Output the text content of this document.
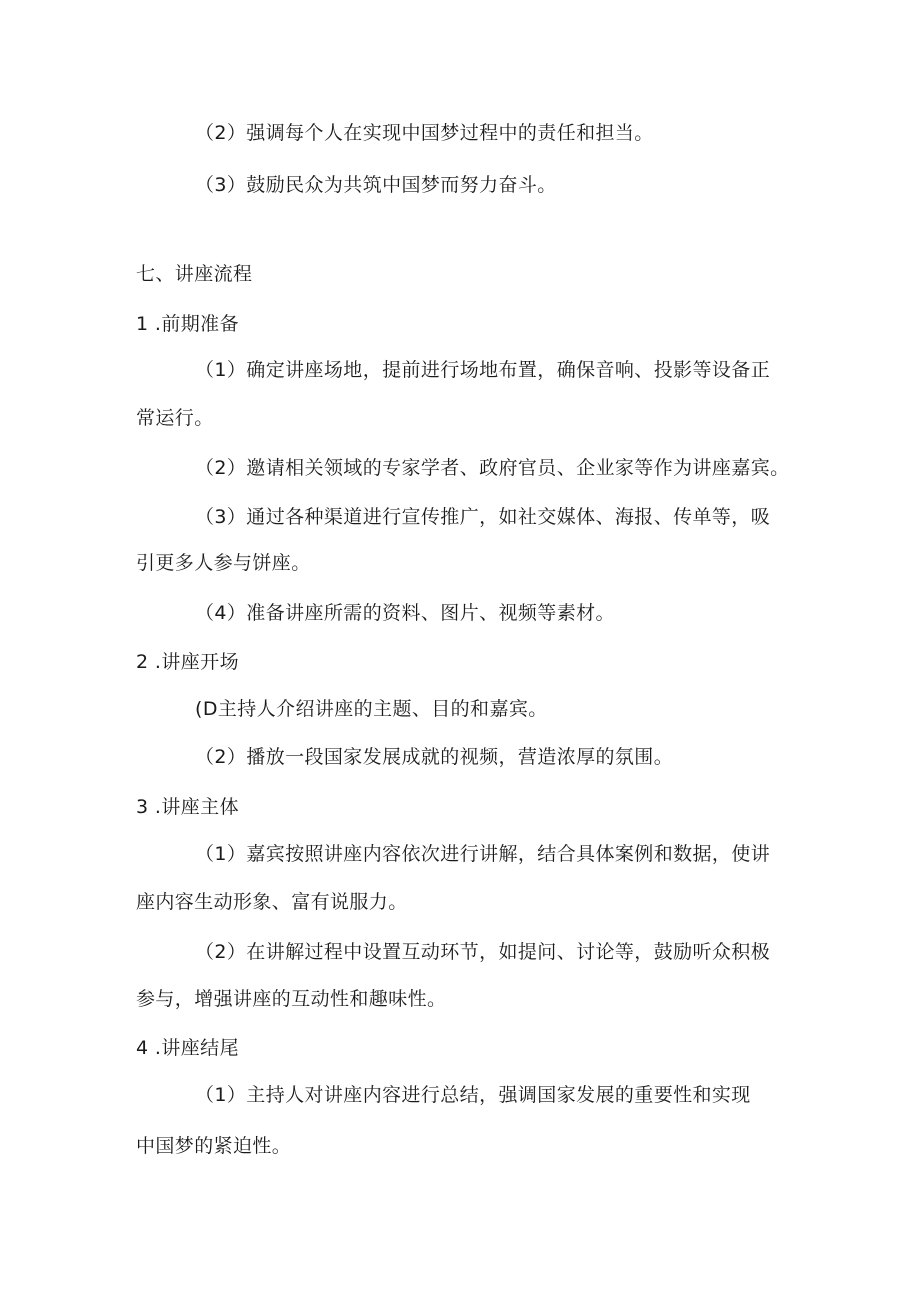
（2）强调每个人在实现中国梦过程中的责任和担当。
（3）鼓励民众为共筑中国梦而努力奋斗。
七、讲座流程
1 .前期准备
（1）确定讲座场地，提前进行场地布置，确保音响、投影等设备正
常运行。
（2）邀请相关领域的专家学者、政府官员、企业家等作为讲座嘉宾。
（3）通过各种渠道进行宣传推广，如社交媒体、海报、传单等，吸
引更多人参与饼座。
（4）准备讲座所需的资料、图片、视频等素材。
2 .讲座开场
(D主持人介绍讲座的主题、目的和嘉宾。
（2）播放一段国家发展成就的视频，营造浓厚的氛围。
3 .讲座主体
（1）嘉宾按照讲座内容依次进行讲解，结合具体案例和数据，使讲
座内容生动形象、富有说服力。
（2）在讲解过程中设置互动环节，如提问、讨论等，鼓励听众积极
参与，增强讲座的互动性和趣味性。
4 .讲座结尾
（1）主持人对讲座内容进行总结，强调国家发展的重要性和实现
中国梦的紧迫性。
